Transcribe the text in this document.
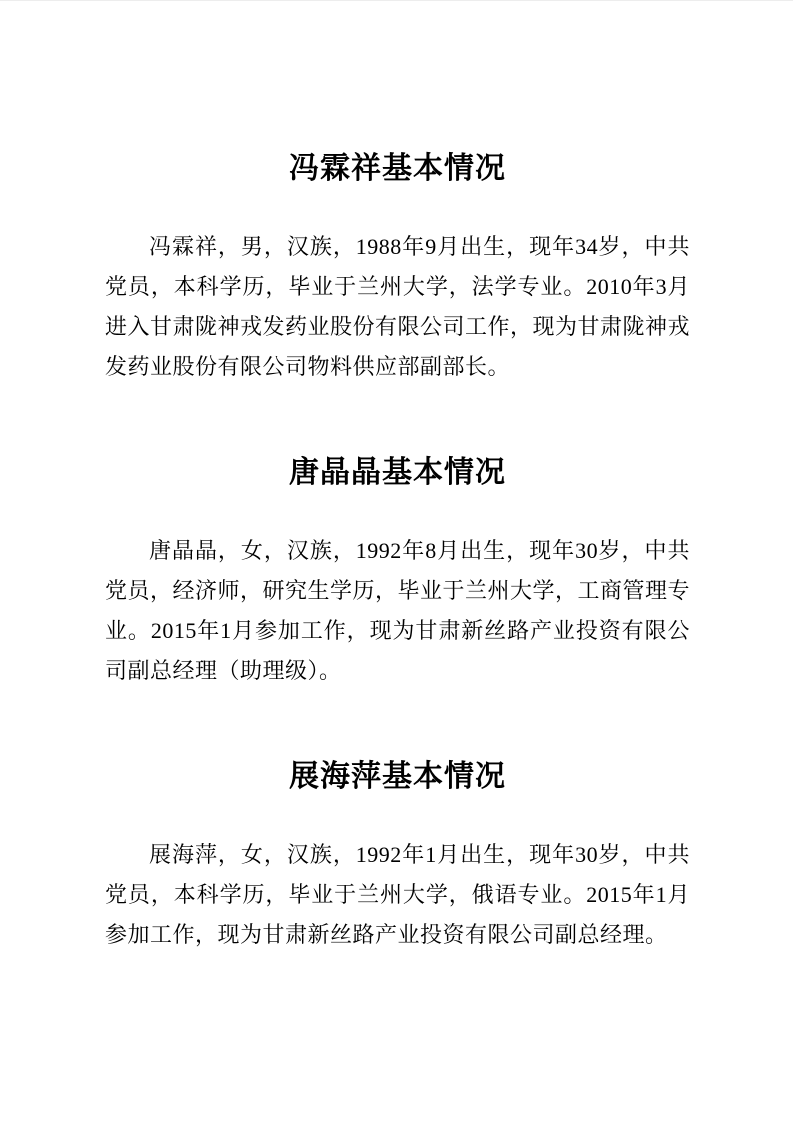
冯霖祥基本情况

冯霖祥，男，汉族，1988年9月出生，现年34岁，中共党员，本科学历，毕业于兰州大学，法学专业。2010年3月进入甘肃陇神戎发药业股份有限公司工作，现为甘肃陇神戎发药业股份有限公司物料供应部副部长。

唐晶晶基本情况

唐晶晶，女，汉族，1992年8月出生，现年30岁，中共党员，经济师，研究生学历，毕业于兰州大学，工商管理专业。2015年1月参加工作，现为甘肃新丝路产业投资有限公司副总经理（助理级）。

展海萍基本情况

展海萍，女，汉族，1992年1月出生，现年30岁，中共党员，本科学历，毕业于兰州大学，俄语专业。2015年1月参加工作，现为甘肃新丝路产业投资有限公司副总经理。
